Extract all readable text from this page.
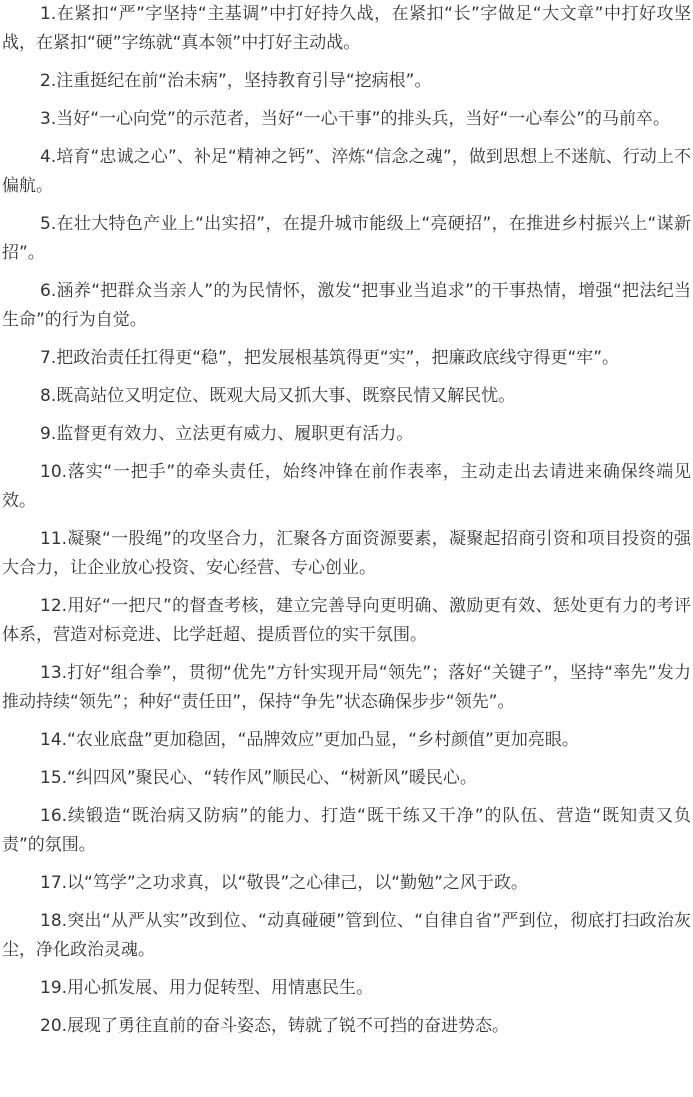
1.在紧扣“严”字坚持“主基调”中打好持久战，在紧扣“长”字做足“大文章”中打好攻坚战，在紧扣“硬”字练就“真本领”中打好主动战。

2.注重挺纪在前“治未病”，坚持教育引导“挖病根”。

3.当好“一心向党”的示范者，当好“一心干事”的排头兵，当好“一心奉公”的马前卒。

4.培育“忠诚之心”、补足“精神之钙”、淬炼“信念之魂”，做到思想上不迷航、行动上不偏航。

5.在壮大特色产业上“出实招”，在提升城市能级上“亮硬招”，在推进乡村振兴上“谋新招”。

6.涵养“把群众当亲人”的为民情怀，激发“把事业当追求”的干事热情，增强“把法纪当生命”的行为自觉。

7.把政治责任扛得更“稳”，把发展根基筑得更“实”，把廉政底线守得更“牢”。

8.既高站位又明定位、既观大局又抓大事、既察民情又解民忧。

9.监督更有效力、立法更有威力、履职更有活力。

10.落实“一把手”的牵头责任，始终冲锋在前作表率，主动走出去请进来确保终端见效。

11.凝聚“一股绳”的攻坚合力，汇聚各方面资源要素，凝聚起招商引资和项目投资的强大合力，让企业放心投资、安心经营、专心创业。

12.用好“一把尺”的督查考核，建立完善导向更明确、激励更有效、惩处更有力的考评体系，营造对标竞进、比学赶超、提质晋位的实干氛围。

13.打好“组合拳”，贯彻“优先”方针实现开局“领先”；落好“关键子”，坚持“率先”发力推动持续“领先”；种好“责任田”，保持“争先”状态确保步步“领先”。

14.“农业底盘”更加稳固，“品牌效应”更加凸显，“乡村颜值”更加亮眼。

15.“纠四风”聚民心、“转作风”顺民心、“树新风”暖民心。

16.续锻造“既治病又防病”的能力、打造“既干练又干净”的队伍、营造“既知责又负责”的氛围。

17.以“笃学”之功求真，以“敬畏”之心律己，以“勤勉”之风于政。

18.突出“从严从实”改到位、“动真碰硬”管到位、“自律自省”严到位，彻底打扫政治灰尘，净化政治灵魂。

19.用心抓发展、用力促转型、用情惠民生。

20.展现了勇往直前的奋斗姿态，铸就了锐不可挡的奋进势态。
